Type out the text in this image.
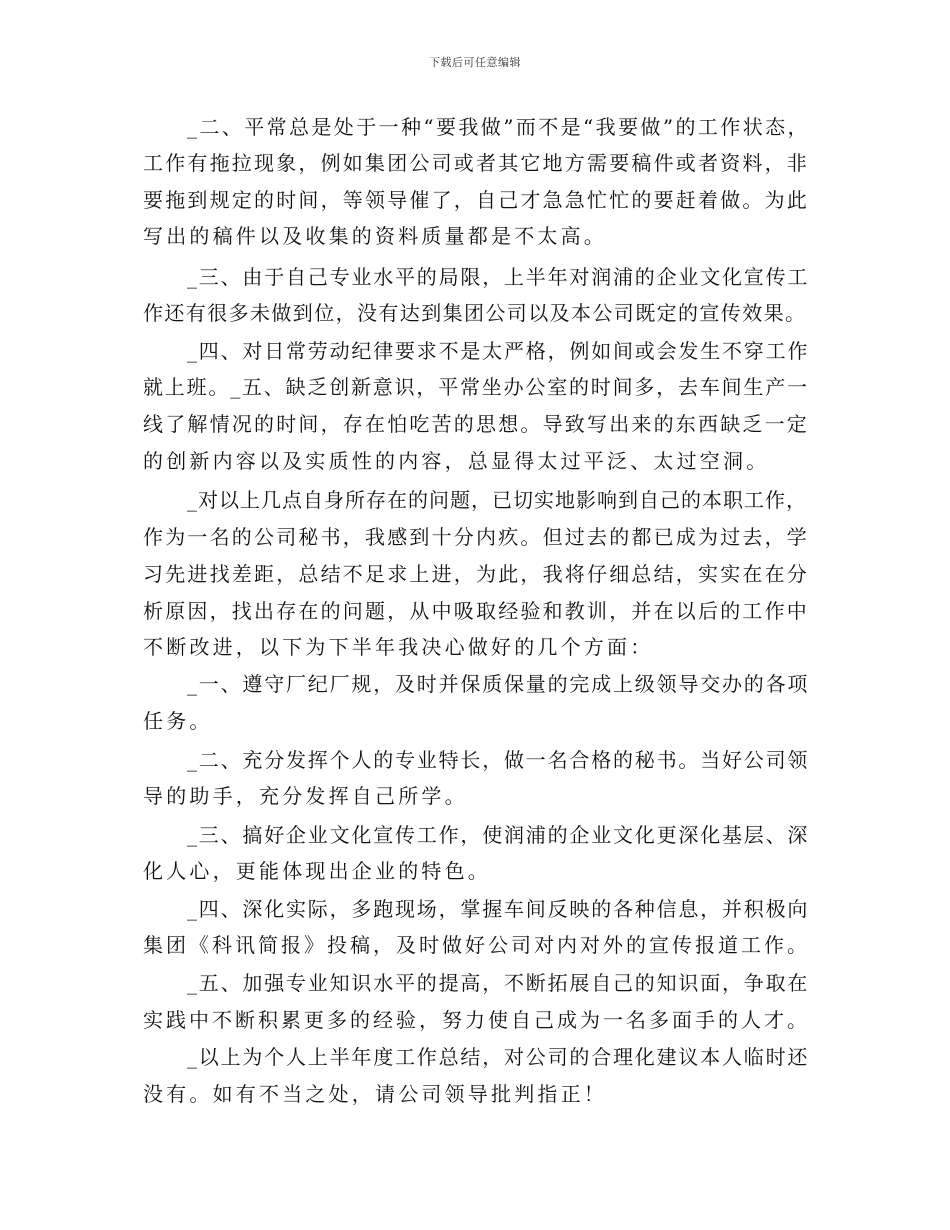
下载后可任意编辑
_二、平常总是处于一种“要我做”而不是“我要做”的工作状态，
工作有拖拉现象，例如集团公司或者其它地方需要稿件或者资料，非
要拖到规定的时间，等领导催了，自己才急急忙忙的要赶着做。为此
写出的稿件以及收集的资料质量都是不太高。
_三、由于自己专业水平的局限，上半年对润浦的企业文化宣传工
作还有很多未做到位，没有达到集团公司以及本公司既定的宣传效果。
_四、对日常劳动纪律要求不是太严格，例如间或会发生不穿工作
就上班。_五、缺乏创新意识，平常坐办公室的时间多，去车间生产一
线了解情况的时间，存在怕吃苦的思想。导致写出来的东西缺乏一定
的创新内容以及实质性的内容，总显得太过平泛、太过空洞。
_对以上几点自身所存在的问题，已切实地影响到自己的本职工作，
作为一名的公司秘书，我感到十分内疚。但过去的都已成为过去，学
习先进找差距，总结不足求上进，为此，我将仔细总结，实实在在分
析原因，找出存在的问题，从中吸取经验和教训，并在以后的工作中
不断改进，以下为下半年我决心做好的几个方面：
_一、遵守厂纪厂规，及时并保质保量的完成上级领导交办的各项
任务。
_二、充分发挥个人的专业特长，做一名合格的秘书。当好公司领
导的助手，充分发挥自己所学。
_三、搞好企业文化宣传工作，使润浦的企业文化更深化基层、深
化人心，更能体现出企业的特色。
_四、深化实际，多跑现场，掌握车间反映的各种信息，并积极向
集团《科讯简报》投稿，及时做好公司对内对外的宣传报道工作。
_五、加强专业知识水平的提高，不断拓展自己的知识面，争取在
实践中不断积累更多的经验，努力使自己成为一名多面手的人才。
_以上为个人上半年度工作总结，对公司的合理化建议本人临时还
没有。如有不当之处，请公司领导批判指正！
